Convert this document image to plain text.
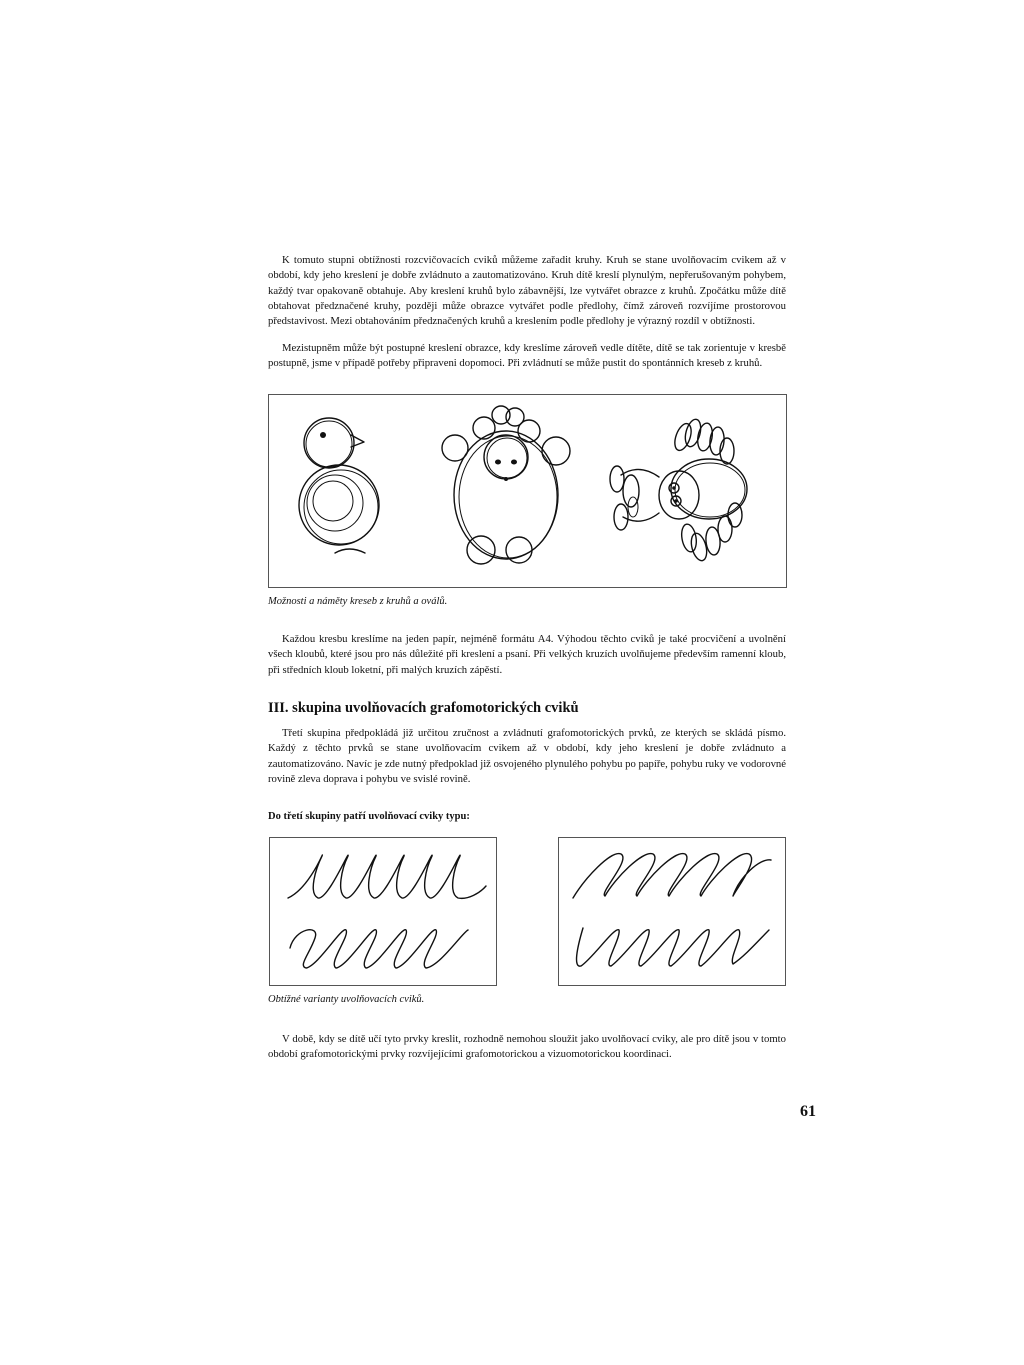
K tomuto stupni obtížnosti rozcvičovacích cviků můžeme zařadit kruhy. Kruh se stane uvolňovacím cvikem až v období, kdy jeho kreslení je dobře zvládnuto a zautomatizováno. Kruh dítě kreslí plynulým, nepřerušovaným pohybem, každý tvar opakovaně obtahuje. Aby kreslení kruhů bylo zábavnější, lze vytvářet obrazce z kruhů. Zpočátku může dítě obtahovat předznačené kruhy, později může obrazce vytvářet podle předlohy, čímž zároveň rozvíjíme prostorovou představivost. Mezi obtahováním předznačených kruhů a kreslením podle předlohy je výrazný rozdíl v obtížnosti.

Mezistupněm může být postupné kreslení obrazce, kdy kreslíme zároveň vedle dítěte, dítě se tak zorientuje v kresbě postupně, jsme v případě potřeby připraveni dopomoci. Při zvládnutí se může pustit do spontánních kreseb z kruhů.

Možnosti a náměty kreseb z kruhů a oválů.

Každou kresbu kreslíme na jeden papír, nejméně formátu A4. Výhodou těchto cviků je také procvičení a uvolnění všech kloubů, které jsou pro nás důležité při kreslení a psaní. Při velkých kruzích uvolňujeme především ramenní kloub, při středních kloub loketní, při malých kruzích zápěstí.

III. skupina uvolňovacích grafomotorických cviků

Třetí skupina předpokládá již určitou zručnost a zvládnutí grafomotorických prvků, ze kterých se skládá písmo. Každý z těchto prvků se stane uvolňovacím cvikem až v období, kdy jeho kreslení je dobře zvládnuto a zautomatizováno. Navíc je zde nutný předpoklad již osvojeného plynulého pohybu po papíře, pohybu ruky ve vodorovné rovině zleva doprava i pohybu ve svislé rovině.

Do třetí skupiny patří uvolňovací cviky typu:

Obtížné varianty uvolňovacích cviků.

V době, kdy se dítě učí tyto prvky kreslit, rozhodně nemohou sloužit jako uvolňovací cviky, ale pro dítě jsou v tomto období grafomotorickými prvky rozvíjejícími grafomotorickou a vizuomotorickou koordinaci.

61
